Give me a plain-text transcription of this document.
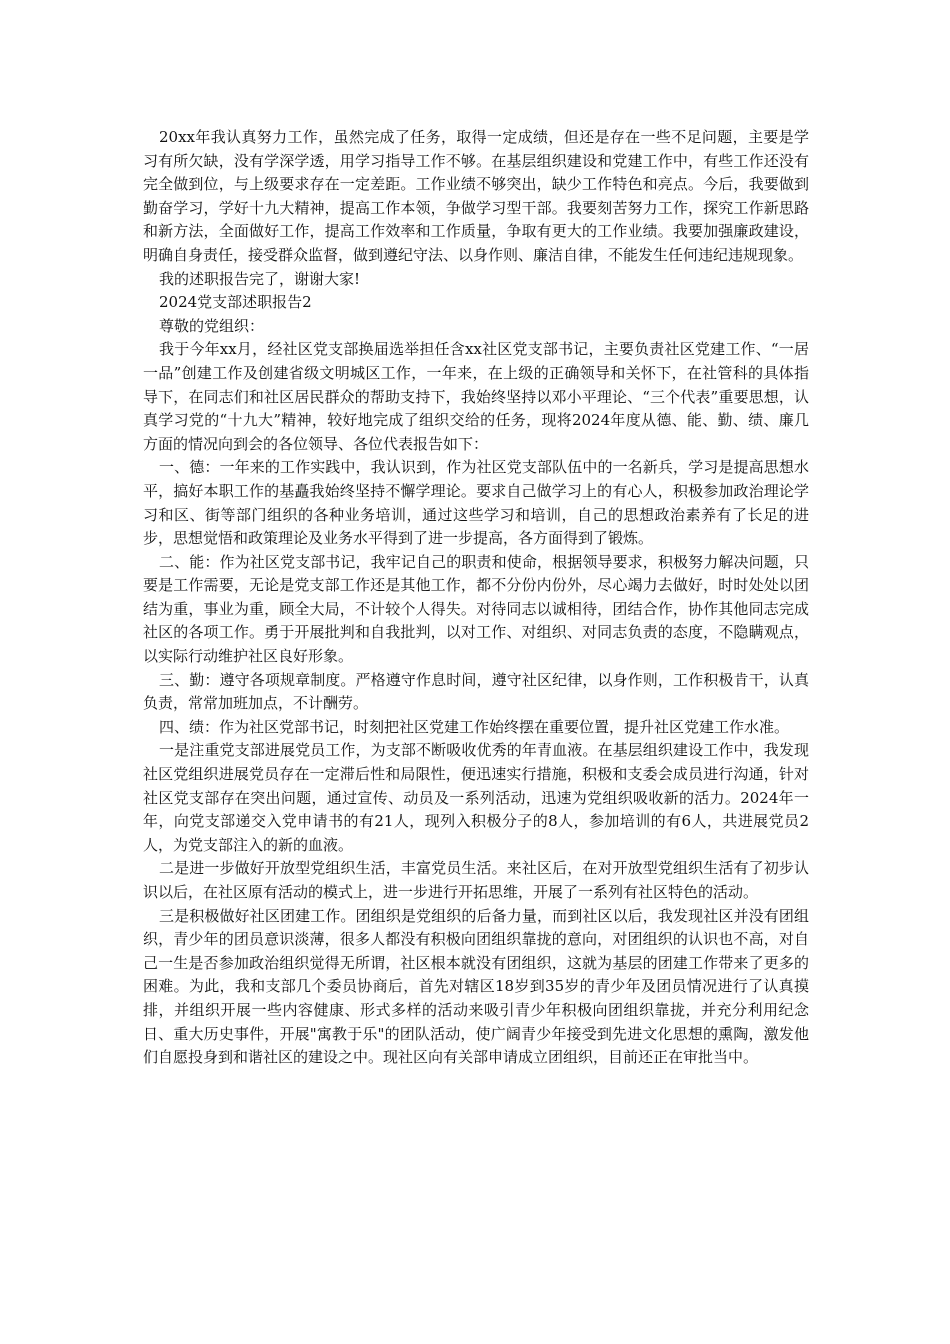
20xx年我认真努力工作，虽然完成了任务，取得一定成绩，但还是存在一些不足问题，主要是学习有所欠缺，没有学深学透，用学习指导工作不够。在基层组织建设和党建工作中，有些工作还没有完全做到位，与上级要求存在一定差距。工作业绩不够突出，缺少工作特色和亮点。今后，我要做到勤奋学习，学好十九大精神，提高工作本领，争做学习型干部。我要刻苦努力工作，探究工作新思路和新方法，全面做好工作，提高工作效率和工作质量，争取有更大的工作业绩。我要加强廉政建设，明确自身责任，接受群众监督，做到遵纪守法、以身作则、廉洁自律，不能发生任何违纪违规现象。

我的述职报告完了，谢谢大家!

2024党支部述职报告2

尊敬的党组织：

我于今年xx月，经社区党支部换届选举担任含xx社区党支部书记，主要负责社区党建工作、“一居一品”创建工作及创建省级文明城区工作，一年来，在上级的正确领导和关怀下，在社管科的具体指导下，在同志们和社区居民群众的帮助支持下，我始终坚持以邓小平理论、“三个代表”重要思想，认真学习党的“十九大”精神，较好地完成了组织交给的任务，现将2024年度从德、能、勤、绩、廉几方面的情况向到会的各位领导、各位代表报告如下：

一、德：一年来的工作实践中，我认识到，作为社区党支部队伍中的一名新兵，学习是提高思想水平，搞好本职工作的基矗我始终坚持不懈学理论。要求自己做学习上的有心人，积极参加政治理论学习和区、街等部门组织的各种业务培训，通过这些学习和培训，自己的思想政治素养有了长足的进步，思想觉悟和政策理论及业务水平得到了进一步提高，各方面得到了锻炼。

二、能：作为社区党支部书记，我牢记自己的职责和使命，根据领导要求，积极努力解决问题，只要是工作需要，无论是党支部工作还是其他工作，都不分份内份外，尽心竭力去做好，时时处处以团结为重，事业为重，顾全大局，不计较个人得失。对待同志以诚相待，团结合作，协作其他同志完成社区的各项工作。勇于开展批判和自我批判，以对工作、对组织、对同志负责的态度，不隐瞒观点，以实际行动维护社区良好形象。

三、勤：遵守各项规章制度。严格遵守作息时间，遵守社区纪律，以身作则，工作积极肯干，认真负责，常常加班加点，不计酬劳。

四、绩：作为社区党部书记，时刻把社区党建工作始终摆在重要位置，提升社区党建工作水准。

一是注重党支部进展党员工作，为支部不断吸收优秀的年青血液。在基层组织建设工作中，我发现社区党组织进展党员存在一定滞后性和局限性，便迅速实行措施，积极和支委会成员进行沟通，针对社区党支部存在突出问题，通过宣传、动员及一系列活动，迅速为党组织吸收新的活力。2024年一年，向党支部递交入党申请书的有21人，现列入积极分子的8人，参加培训的有6人，共进展党员2人，为党支部注入的新的血液。

二是进一步做好开放型党组织生活，丰富党员生活。来社区后，在对开放型党组织生活有了初步认识以后，在社区原有活动的模式上，进一步进行开拓思维，开展了一系列有社区特色的活动。

三是积极做好社区团建工作。团组织是党组织的后备力量，而到社区以后，我发现社区并没有团组织，青少年的团员意识淡薄，很多人都没有积极向团组织靠拢的意向，对团组织的认识也不高，对自己一生是否参加政治组织觉得无所谓，社区根本就没有团组织，这就为基层的团建工作带来了更多的困难。为此，我和支部几个委员协商后，首先对辖区18岁到35岁的青少年及团员情况进行了认真摸排，并组织开展一些内容健康、形式多样的活动来吸引青少年积极向团组织靠拢，并充分利用纪念日、重大历史事件，开展"寓教于乐"的团队活动，使广阔青少年接受到先进文化思想的熏陶，激发他们自愿投身到和谐社区的建设之中。现社区向有关部申请成立团组织，目前还正在审批当中。
